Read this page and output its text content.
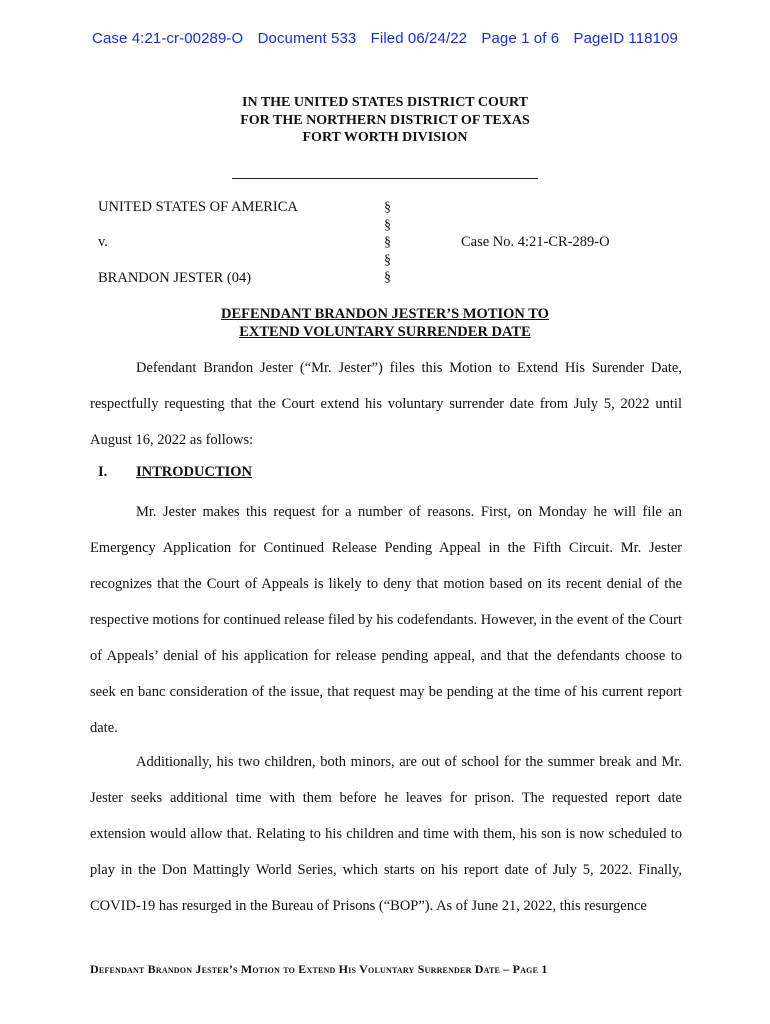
Case 4:21-cr-00289-O Document 533 Filed 06/24/22 Page 1 of 6 PageID 118109
IN THE UNITED STATES DISTRICT COURT
FOR THE NORTHERN DISTRICT OF TEXAS
FORT WORTH DIVISION
UNITED STATES OF AMERICA
v.
BRANDON JESTER (04)
§
§
§
§
§
Case No. 4:21-CR-289-O
DEFENDANT BRANDON JESTER’S MOTION TO
EXTEND VOLUNTARY SURRENDER DATE

Defendant Brandon Jester (“Mr. Jester”) files this Motion to Extend His Surender Date, respectfully requesting that the Court extend his voluntary surrender date from July 5, 2022 until August 16, 2022 as follows:

I. INTRODUCTION

Mr. Jester makes this request for a number of reasons. First, on Monday he will file an Emergency Application for Continued Release Pending Appeal in the Fifth Circuit. Mr. Jester recognizes that the Court of Appeals is likely to deny that motion based on its recent denial of the respective motions for continued release filed by his codefendants. However, in the event of the Court of Appeals’ denial of his application for release pending appeal, and that the defendants choose to seek en banc consideration of the issue, that request may be pending at the time of his current report date.

Additionally, his two children, both minors, are out of school for the summer break and Mr. Jester seeks additional time with them before he leaves for prison. The requested report date extension would allow that. Relating to his children and time with them, his son is now scheduled to play in the Don Mattingly World Series, which starts on his report date of July 5, 2022. Finally, COVID-19 has resurged in the Bureau of Prisons (“BOP”). As of June 21, 2022, this resurgence

Defendant Brandon Jester’s Motion to Extend His Voluntary Surrender Date – Page 1
